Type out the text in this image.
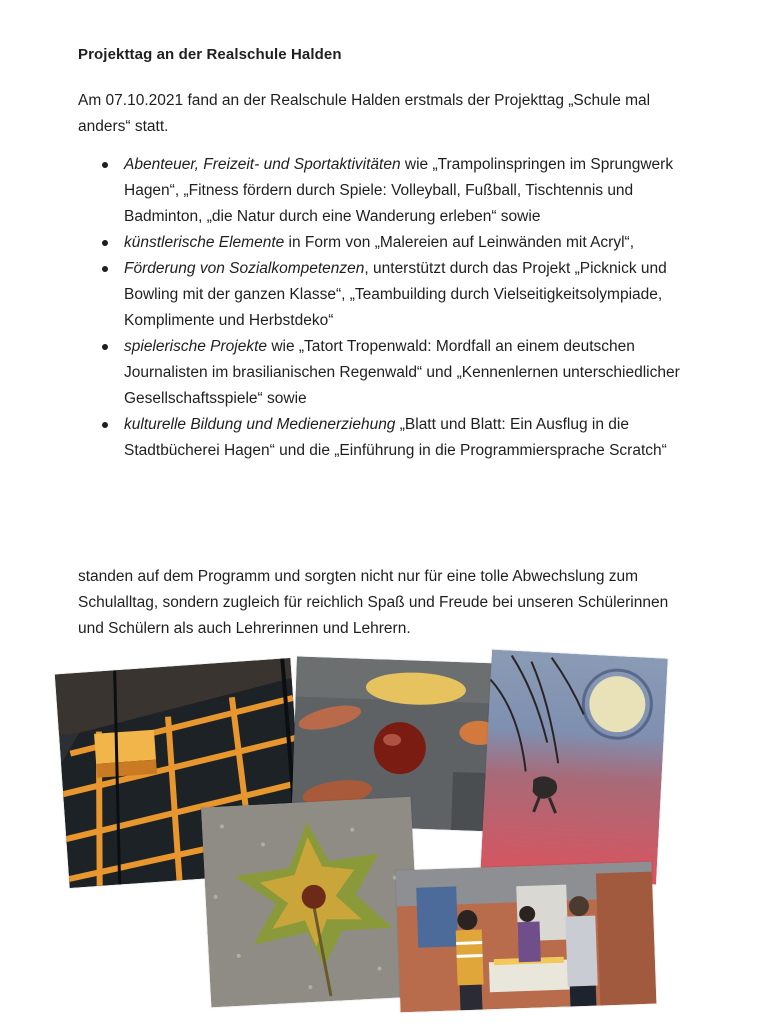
Projekttag an der Realschule Halden
Am 07.10.2021 fand an der Realschule Halden erstmals der Projekttag „Schule mal anders“ statt.
Abenteuer, Freizeit- und Sportaktivitäten wie „Trampolinspringen im Sprungwerk Hagen“, „Fitness fördern durch Spiele: Volleyball, Fußball, Tischtennis und Badminton, „die Natur durch eine Wanderung erleben“ sowie
künstlerische Elemente in Form von „Malereien auf Leinwänden mit Acryl“,
Förderung von Sozialkompetenzen, unterstützt durch das Projekt „Picknick und Bowling mit der ganzen Klasse“, „Teambuilding durch Vielseitigkeitsolympiade, Komplimente und Herbstdeko“
spielerische Projekte wie „Tatort Tropenwald: Mordfall an einem deutschen Journalisten im brasilianischen Regenwald“ und „Kennenlernen unterschiedlicher Gesellschaftsspiele“ sowie
kulturelle Bildung und Medienerziehung „Blatt und Blatt: Ein Ausflug in die Stadtbücherei Hagen“ und die „Einführung in die Programmiersprache Scratch“
standen auf dem Programm und sorgten nicht nur für eine tolle Abwechslung zum Schulalltag, sondern zugleich für reichlich Spaß und Freude bei unseren Schülerinnen und Schülern als auch Lehrerinnen und Lehrern.
